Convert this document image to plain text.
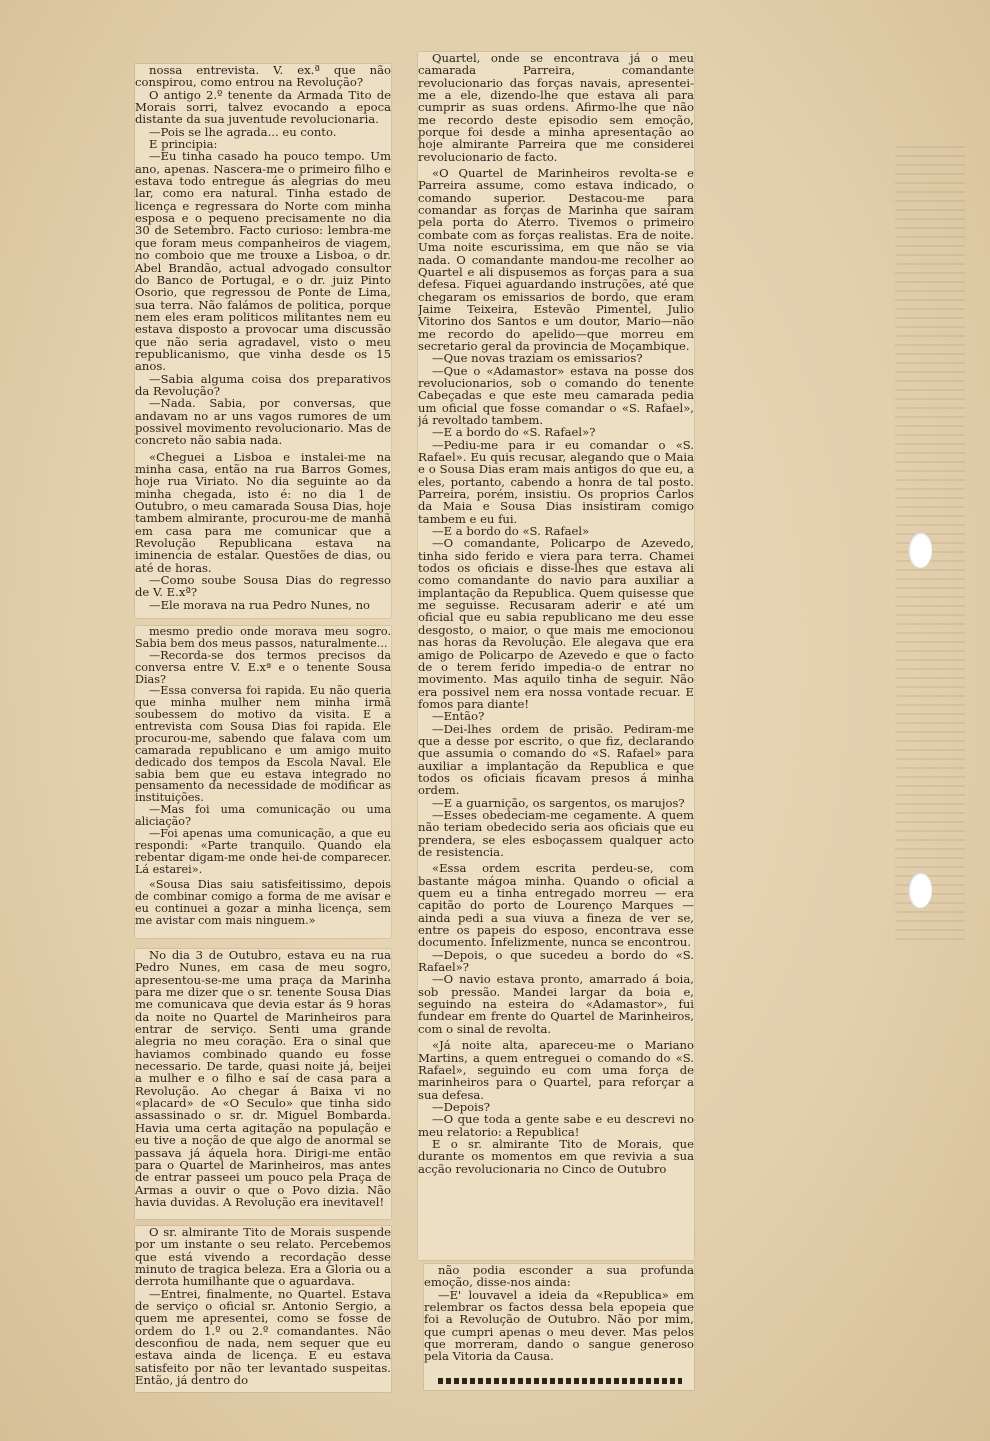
nossa entrevista. V. ex.ª que não conspirou, como entrou na Revolução?

O antigo 2.º tenente da Armada Tito de Morais sorri, talvez evocando a epoca distante da sua juventude revolucionaria.

—Pois se lhe agrada... eu conto.

E principia:

—Eu tinha casado ha pouco tempo. Um ano, apenas. Nascera-me o primeiro filho e estava todo entregue ás alegrias do meu lar, como era natural. Tinha estado de licença e regressara do Norte com minha esposa e o pequeno precisamente no dia 30 de Setembro. Facto curioso: lembra-me que foram meus companheiros de viagem, no comboio que me trouxe a Lisboa, o dr. Abel Brandão, actual advogado consultor do Banco de Portugal, e o dr. juiz Pinto Osorio, que regressou de Ponte de Lima, sua terra. Não falámos de politica, porque nem eles eram politicos militantes nem eu estava disposto a provocar uma discussão que não seria agradavel, visto o meu republicanismo, que vinha desde os 15 anos.

—Sabia alguma coisa dos preparativos da Revolução?

—Nada. Sabia, por conversas, que andavam no ar uns vagos rumores de um possivel movimento revolucionario. Mas de concreto não sabia nada.

«Cheguei a Lisboa e instalei-me na minha casa, então na rua Barros Gomes, hoje rua Viriato. No dia seguinte ao da minha chegada, isto é: no dia 1 de Outubro, o meu camarada Sousa Dias, hoje tambem almirante, procurou-me de manhã em casa para me comunicar que a Revolução Republicana estava na iminencia de estalar. Questões de dias, ou até de horas.

—Como soube Sousa Dias do regresso de V. E.xª?

—Ele morava na rua Pedro Nunes, no

mesmo predio onde morava meu sogro. Sabia bem dos meus passos, naturalmente...

—Recorda-se dos termos precisos da conversa entre V. E.xª e o tenente Sousa Dias?

—Essa conversa foi rapida. Eu não queria que minha mulher nem minha irmã soubessem do motivo da visita. E a entrevista com Sousa Dias foi rapida. Ele procurou-me, sabendo que falava com um camarada republicano e um amigo muito dedicado dos tempos da Escola Naval. Ele sabia bem que eu estava integrado no pensamento da necessidade de modificar as instituições.

—Mas foi uma comunicação ou uma aliciação?

—Foi apenas uma comunicação, a que eu respondi: «Parte tranquilo. Quando ela rebentar digam-me onde hei-de comparecer. Lá estarei».

«Sousa Dias saiu satisfeitissimo, depois de combinar comigo a forma de me avisar e eu continuei a gozar a minha licença, sem me avistar com mais ninguem.»

No dia 3 de Outubro, estava eu na rua Pedro Nunes, em casa de meu sogro, apresentou-se-me uma praça da Marinha para me dizer que o sr. tenente Sousa Dias me comunicava que devia estar ás 9 horas da noite no Quartel de Marinheiros para entrar de serviço. Senti uma grande alegria no meu coração. Era o sinal que haviamos combinado quando eu fosse necessario. De tarde, quasi noite já, beijei a mulher e o filho e saí de casa para a Revolução. Ao chegar á Baixa vi no «placard» de «O Seculo» que tinha sido assassinado o sr. dr. Miguel Bombarda. Havia uma certa agitação na população e eu tive a noção de que algo de anormal se passava já áquela hora. Dirigi-me então para o Quartel de Marinheiros, mas antes de entrar passeei um pouco pela Praça de Armas a ouvir o que o Povo dizia. Não havia duvidas. A Revolução era inevitavel!

O sr. almirante Tito de Morais suspende por um instante o seu relato. Percebemos que está vivendo a recordação desse minuto de tragica beleza. Era a Gloria ou a derrota humilhante que o aguardava.

—Entrei, finalmente, no Quartel. Estava de serviço o oficial sr. Antonio Sergio, a quem me apresentei, como se fosse de ordem do 1.º ou 2.º comandantes. Não desconfiou de nada, nem sequer que eu estava ainda de licença. E eu estava satisfeito por não ter levantado suspeitas. Então, já dentro do

Quartel, onde se encontrava já o meu camarada Parreira, comandante revolucionario das forças navais, apresentei-me a ele, dizendo-lhe que estava ali para cumprir as suas ordens. Afirmo-lhe que não me recordo deste episodio sem emoção, porque foi desde a minha apresentação ao hoje almirante Parreira que me considerei revolucionario de facto.

«O Quartel de Marinheiros revolta-se e Parreira assume, como estava indicado, o comando superior. Destacou-me para comandar as forças de Marinha que saíram pela porta do Aterro. Tivemos o primeiro combate com as forças realistas. Era de noite. Uma noite escurissima, em que não se via nada. O comandante mandou-me recolher ao Quartel e ali dispusemos as forças para a sua defesa. Fiquei aguardando instruções, até que chegaram os emissarios de bordo, que eram Jaime Teixeira, Estevão Pimentel, Julio Vitorino dos Santos e um doutor, Mario—não me recordo do apelido—que morreu em secretario geral da provincia de Moçambique.

—Que novas traziam os emissarios?

—Que o «Adamastor» estava na posse dos revolucionarios, sob o comando do tenente Cabeçadas e que este meu camarada pedia um oficial que fosse comandar o «S. Rafael», já revoltado tambem.

—E a bordo do «S. Rafael»?

—Pediu-me para ir eu comandar o «S. Rafael». Eu quis recusar, alegando que o Maia e o Sousa Dias eram mais antigos do que eu, a eles, portanto, cabendo a honra de tal posto. Parreira, porém, insistiu. Os proprios Carlos da Maia e Sousa Dias insistiram comigo tambem e eu fui.

—E a bordo do «S. Rafael»

—O comandante, Policarpo de Azevedo, tinha sido ferido e viera para terra. Chamei todos os oficiais e disse-lhes que estava ali como comandante do navio para auxiliar a implantação da Republica. Quem quisesse que me seguisse. Recusaram aderir e até um oficial que eu sabia republicano me deu esse desgosto, o maior, o que mais me emocionou nas horas da Revolução. Ele alegava que era amigo de Policarpo de Azevedo e que o facto de o terem ferido impedia-o de entrar no movimento. Mas aquilo tinha de seguir. Não era possivel nem era nossa vontade recuar. E fomos para diante!

—Então?

—Dei-lhes ordem de prisão. Pediram-me que a desse por escrito, o que fiz, declarando que assumia o comando do «S. Rafael» para auxiliar a implantação da Republica e que todos os oficiais ficavam presos á minha ordem.

—E a guarnição, os sargentos, os marujos?

—Esses obedeciam-me cegamente. A quem não teriam obedecido seria aos oficiais que eu prendera, se eles esboçassem qualquer acto de resistencia.

«Essa ordem escrita perdeu-se, com bastante mágoa minha. Quando o oficial a quem eu a tinha entregado morreu — era capitão do porto de Lourenço Marques — ainda pedi a sua viuva a fineza de ver se, entre os papeis do esposo, encontrava esse documento. Infelizmente, nunca se encontrou.

—Depois, o que sucedeu a bordo do «S. Rafael»?

—O navio estava pronto, amarrado á boia, sob pressão. Mandei largar da boia e, seguindo na esteira do «Adamastor», fui fundear em frente do Quartel de Marinheiros, com o sinal de revolta.

«Já noite alta, apareceu-me o Mariano Martins, a quem entreguei o comando do «S. Rafael», seguindo eu com uma força de marinheiros para o Quartel, para reforçar a sua defesa.

—Depois?

—O que toda a gente sabe e eu descrevi no meu relatorio: a Republica!

E o sr. almirante Tito de Morais, que durante os momentos em que revivia a sua acção revolucionaria no Cinco de Outubro

não podia esconder a sua profunda emoção, disse-nos ainda:

—E' louvavel a ideia da «Republica» em relembrar os factos dessa bela epopeia que foi a Revolução de Outubro. Não por mim, que cumpri apenas o meu dever. Mas pelos que morreram, dando o sangue generoso pela Vitoria da Causa.
